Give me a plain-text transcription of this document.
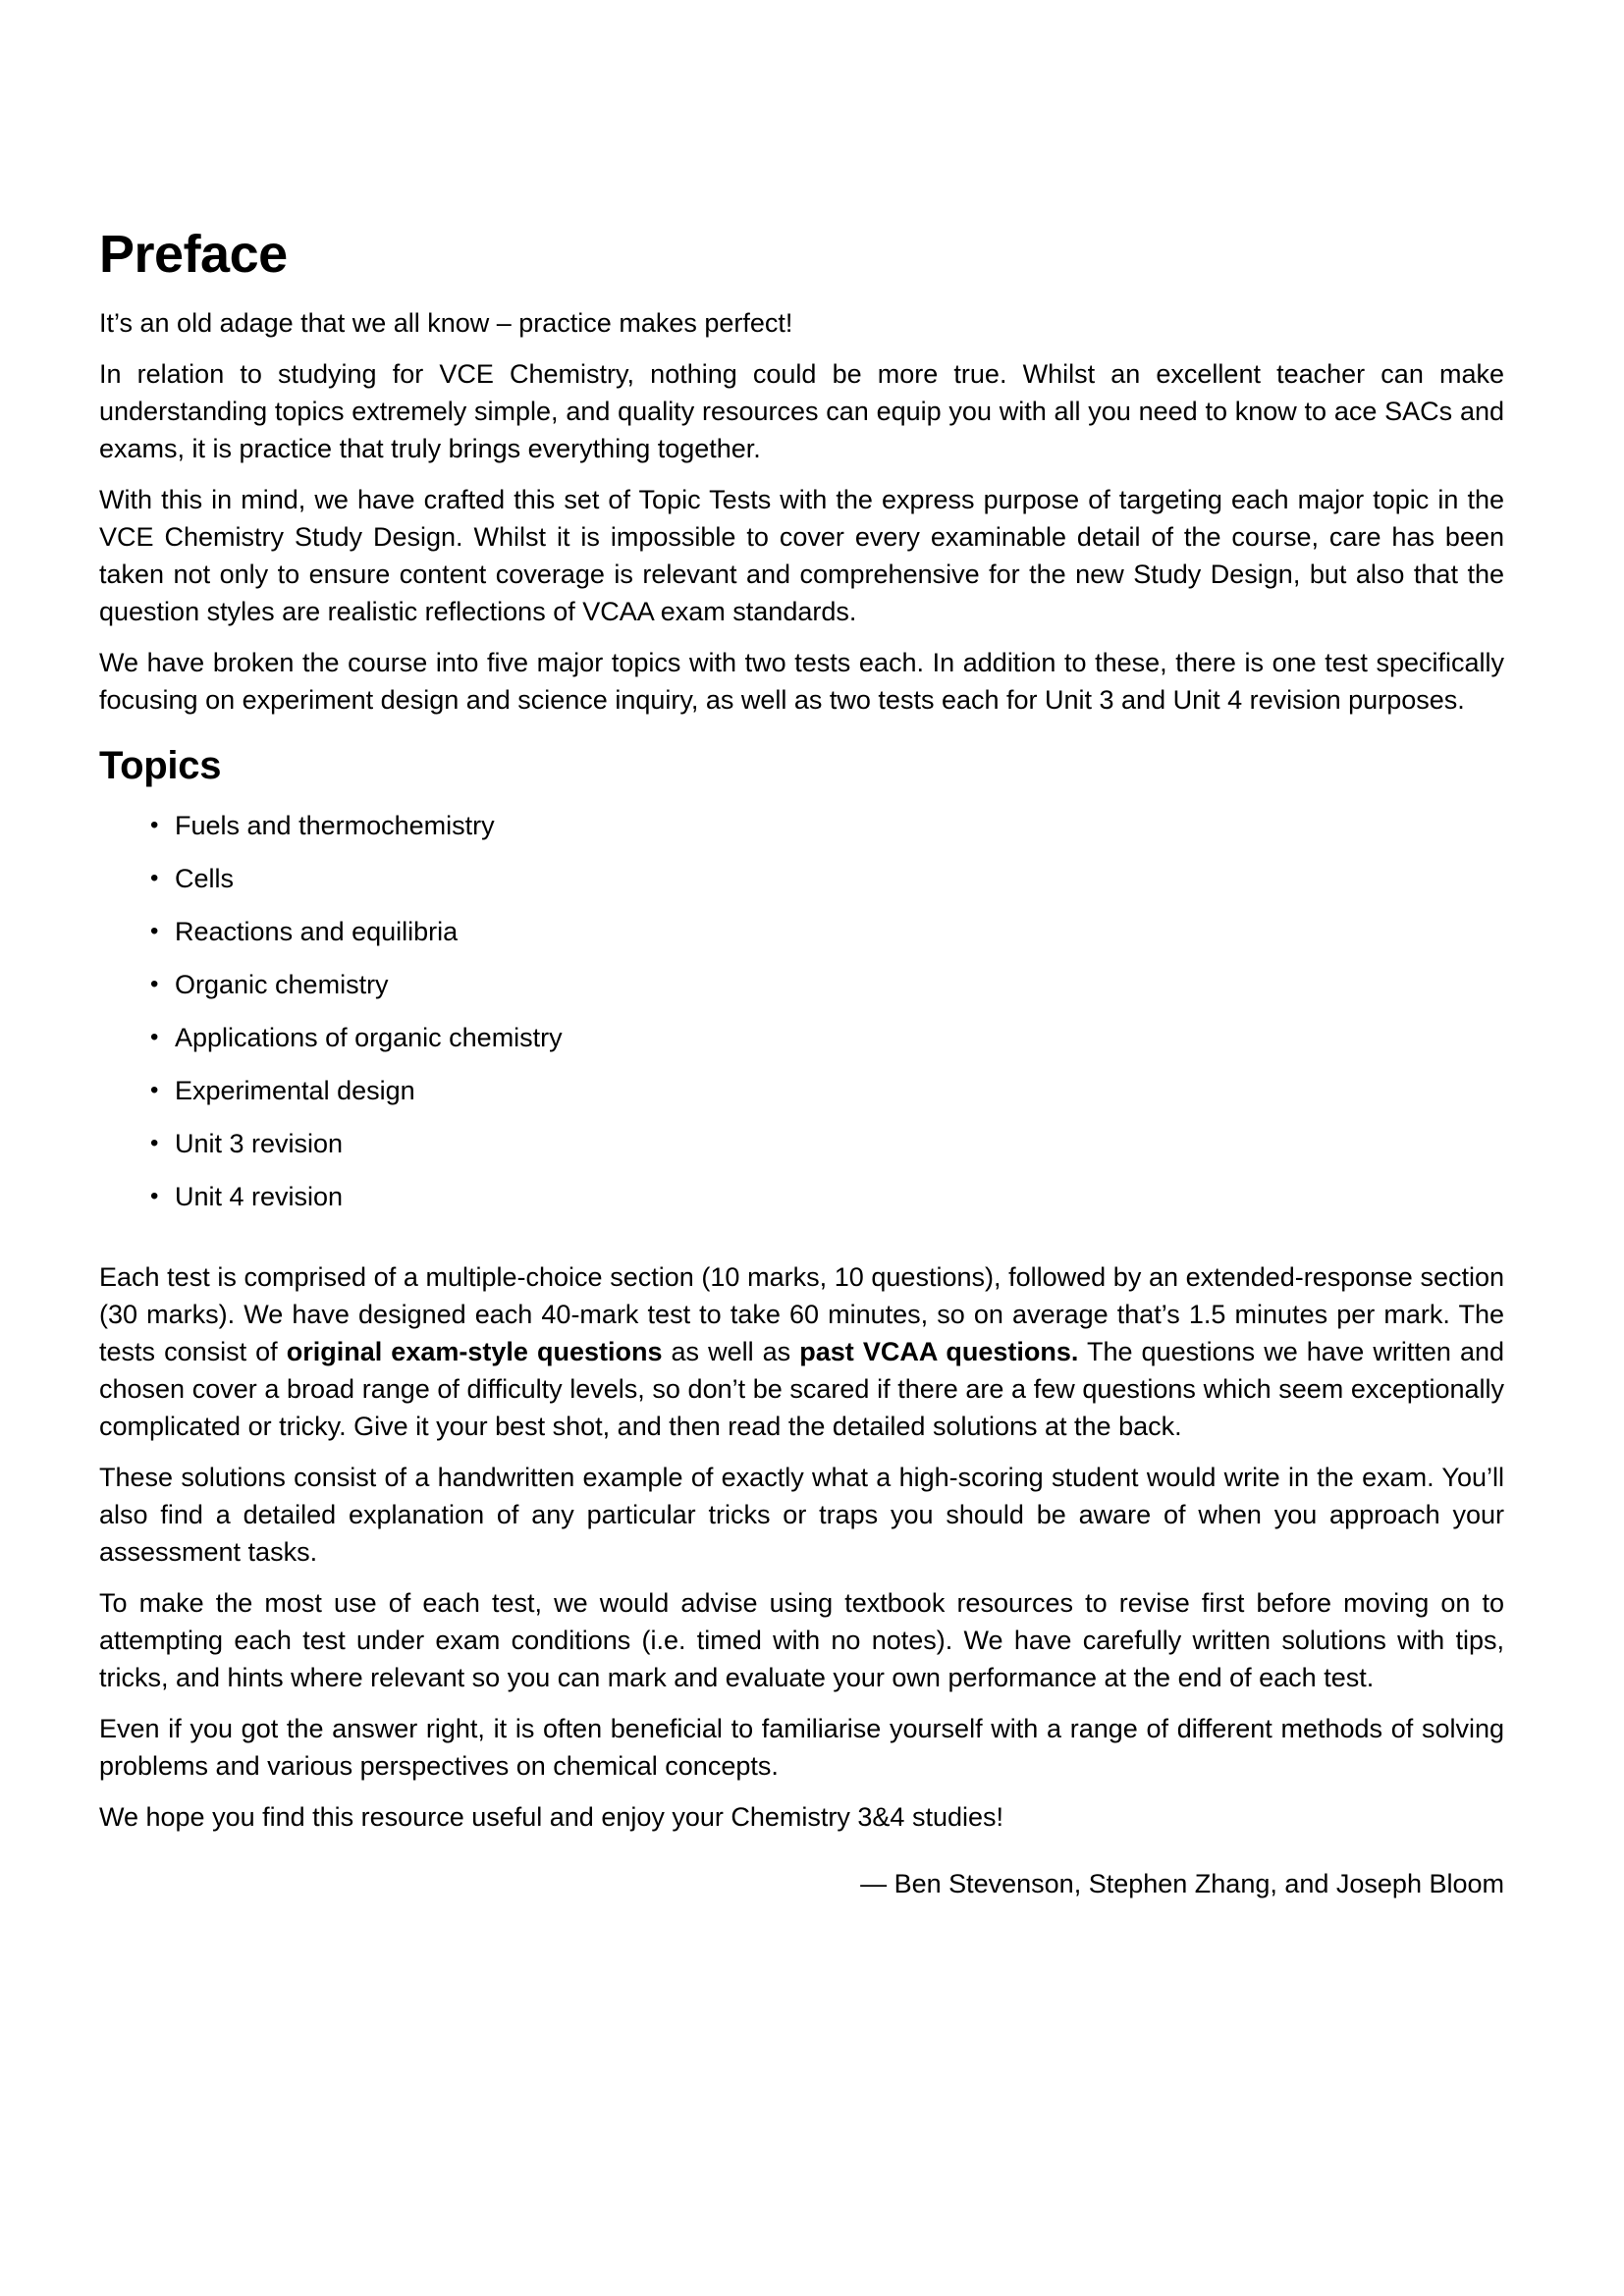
Preface

It’s an old adage that we all know – practice makes perfect!

In relation to studying for VCE Chemistry, nothing could be more true. Whilst an excellent teacher can make understanding topics extremely simple, and quality resources can equip you with all you need to know to ace SACs and exams, it is practice that truly brings everything together.

With this in mind, we have crafted this set of Topic Tests with the express purpose of targeting each major topic in the VCE Chemistry Study Design. Whilst it is impossible to cover every examinable detail of the course, care has been taken not only to ensure content coverage is relevant and comprehensive for the new Study Design, but also that the question styles are realistic reflections of VCAA exam standards.

We have broken the course into five major topics with two tests each. In addition to these, there is one test specifically focusing on experiment design and science inquiry, as well as two tests each for Unit 3 and Unit 4 revision purposes.

Topics
• Fuels and thermochemistry
• Cells
• Reactions and equilibria
• Organic chemistry
• Applications of organic chemistry
• Experimental design
• Unit 3 revision
• Unit 4 revision

Each test is comprised of a multiple-choice section (10 marks, 10 questions), followed by an extended-response section (30 marks). We have designed each 40-mark test to take 60 minutes, so on average that’s 1.5 minutes per mark. The tests consist of original exam-style questions as well as past VCAA questions. The questions we have written and chosen cover a broad range of difficulty levels, so don’t be scared if there are a few questions which seem exceptionally complicated or tricky. Give it your best shot, and then read the detailed solutions at the back.

These solutions consist of a handwritten example of exactly what a high-scoring student would write in the exam. You’ll also find a detailed explanation of any particular tricks or traps you should be aware of when you approach your assessment tasks.

To make the most use of each test, we would advise using textbook resources to revise first before moving on to attempting each test under exam conditions (i.e. timed with no notes). We have carefully written solutions with tips, tricks, and hints where relevant so you can mark and evaluate your own performance at the end of each test.

Even if you got the answer right, it is often beneficial to familiarise yourself with a range of different methods of solving problems and various perspectives on chemical concepts.

We hope you find this resource useful and enjoy your Chemistry 3&4 studies!

— Ben Stevenson, Stephen Zhang, and Joseph Bloom
